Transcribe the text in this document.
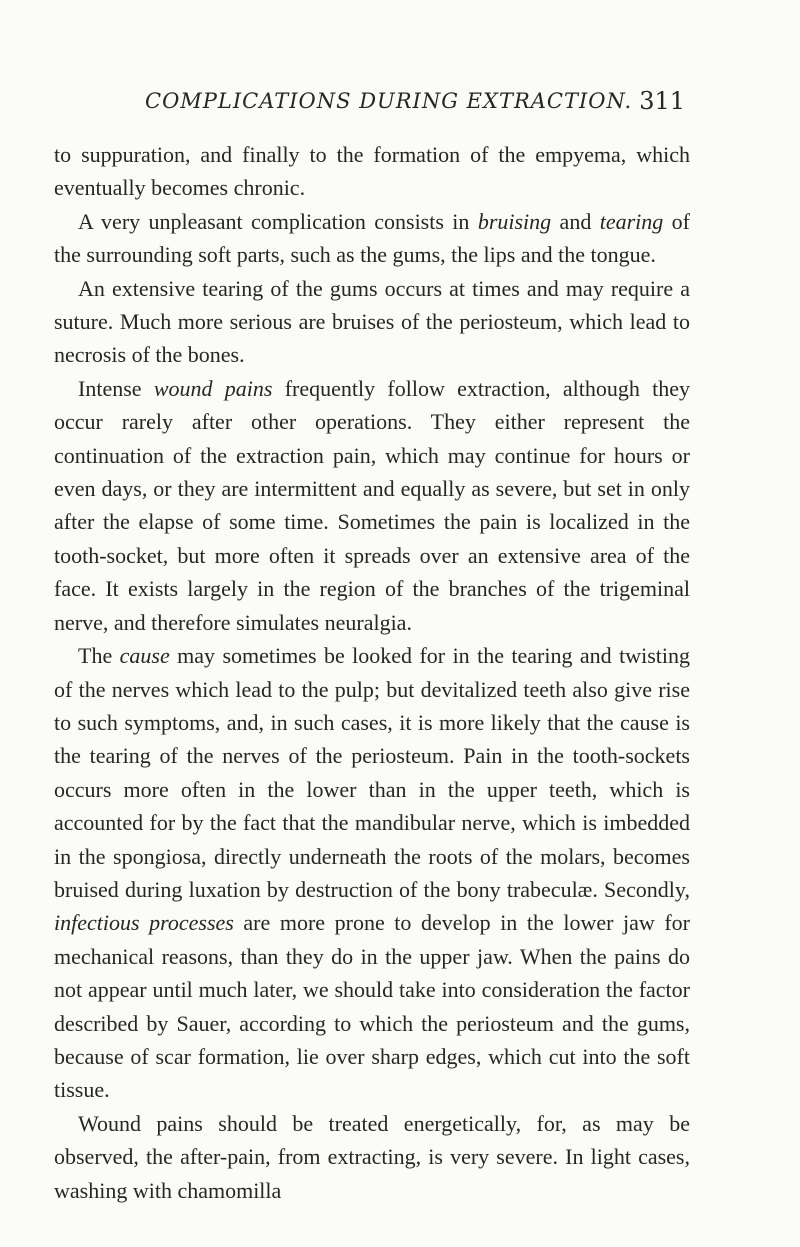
COMPLICATIONS DURING EXTRACTION. 311

to suppuration, and finally to the formation of the empyema, which eventually becomes chronic.

A very unpleasant complication consists in bruising and tearing of the surrounding soft parts, such as the gums, the lips and the tongue.

An extensive tearing of the gums occurs at times and may require a suture. Much more serious are bruises of the periosteum, which lead to necrosis of the bones.

Intense wound pains frequently follow extraction, although they occur rarely after other operations. They either represent the continuation of the extraction pain, which may continue for hours or even days, or they are intermittent and equally as severe, but set in only after the elapse of some time. Sometimes the pain is localized in the tooth-socket, but more often it spreads over an extensive area of the face. It exists largely in the region of the branches of the trigeminal nerve, and therefore simulates neuralgia.

The cause may sometimes be looked for in the tearing and twisting of the nerves which lead to the pulp; but devitalized teeth also give rise to such symptoms, and, in such cases, it is more likely that the cause is the tearing of the nerves of the periosteum. Pain in the tooth-sockets occurs more often in the lower than in the upper teeth, which is accounted for by the fact that the mandibular nerve, which is imbedded in the spongiosa, directly underneath the roots of the molars, becomes bruised during luxation by destruction of the bony trabeculæ. Secondly, infectious processes are more prone to develop in the lower jaw for mechanical reasons, than they do in the upper jaw. When the pains do not appear until much later, we should take into consideration the factor described by Sauer, according to which the periosteum and the gums, because of scar formation, lie over sharp edges, which cut into the soft tissue.

Wound pains should be treated energetically, for, as may be observed, the after-pain, from extracting, is very severe. In light cases, washing with chamomilla
